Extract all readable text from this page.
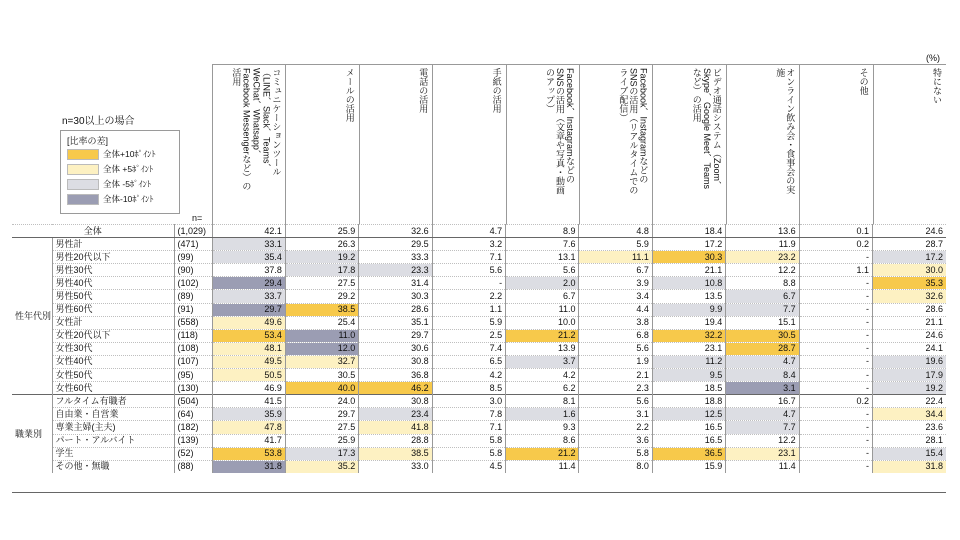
(%)
n=30以上の場合
[比率の差]
全体+10ﾎﾟｲﾝﾄ
全体 +5ﾎﾟｲﾝﾄ
全体 -5ﾎﾟｲﾝﾄ
全体-10ﾎﾟｲﾝﾄ
n=
コミュニケーションツール
（LINE、Slack、Teams、
WeChat、Whatsapp、
Facebook Messengerなど）の
活用	メールの活用	電話の活用	手紙の活用	Facebook、Instagramなどの
SNSの活用（文章や写真・動画
のアップ）	Facebook、Instagramなどの
SNSの活用（リアルタイムでの
ライブ配信）	ビデオ通話システム（Zoom、
Skype、Google Meet、Teams
など）の活用	オンライン飲み会・食事会の実
施	その他	特にない
全体		(1,029)	42.1	25.9	32.6	4.7	8.9	4.8	18.4	13.6	0.1	24.6
性年代別	男性計	(471)	33.1	26.3	29.5	3.2	7.6	5.9	17.2	11.9	0.2	28.7
	男性20代以下	(99)	35.4	19.2	33.3	7.1	13.1	11.1	30.3	23.2	-	17.2
	男性30代	(90)	37.8	17.8	23.3	5.6	5.6	6.7	21.1	12.2	1.1	30.0
	男性40代	(102)	29.4	27.5	31.4	-	2.0	3.9	10.8	8.8	-	35.3
	男性50代	(89)	33.7	29.2	30.3	2.2	6.7	3.4	13.5	6.7	-	32.6
	男性60代	(91)	29.7	38.5	28.6	1.1	11.0	4.4	9.9	7.7	-	28.6
	女性計	(558)	49.6	25.4	35.1	5.9	10.0	3.8	19.4	15.1	-	21.1
	女性20代以下	(118)	53.4	11.0	29.7	2.5	21.2	6.8	32.2	30.5	-	24.6
	女性30代	(108)	48.1	12.0	30.6	7.4	13.9	5.6	23.1	28.7	-	24.1
	女性40代	(107)	49.5	32.7	30.8	6.5	3.7	1.9	11.2	4.7	-	19.6
	女性50代	(95)	50.5	30.5	36.8	4.2	4.2	2.1	9.5	8.4	-	17.9
	女性60代	(130)	46.9	40.0	46.2	8.5	6.2	2.3	18.5	3.1	-	19.2
職業別	フルタイム有職者	(504)	41.5	24.0	30.8	3.0	8.1	5.6	18.8	16.7	0.2	22.4
	自由業・自営業	(64)	35.9	29.7	23.4	7.8	1.6	3.1	12.5	4.7	-	34.4
	専業主婦(主夫)	(182)	47.8	27.5	41.8	7.1	9.3	2.2	16.5	7.7	-	23.6
	パート・アルバイト	(139)	41.7	25.9	28.8	5.8	8.6	3.6	16.5	12.2	-	28.1
	学生	(52)	53.8	17.3	38.5	5.8	21.2	5.8	36.5	23.1	-	15.4
	その他・無職	(88)	31.8	35.2	33.0	4.5	11.4	8.0	15.9	11.4	-	31.8
